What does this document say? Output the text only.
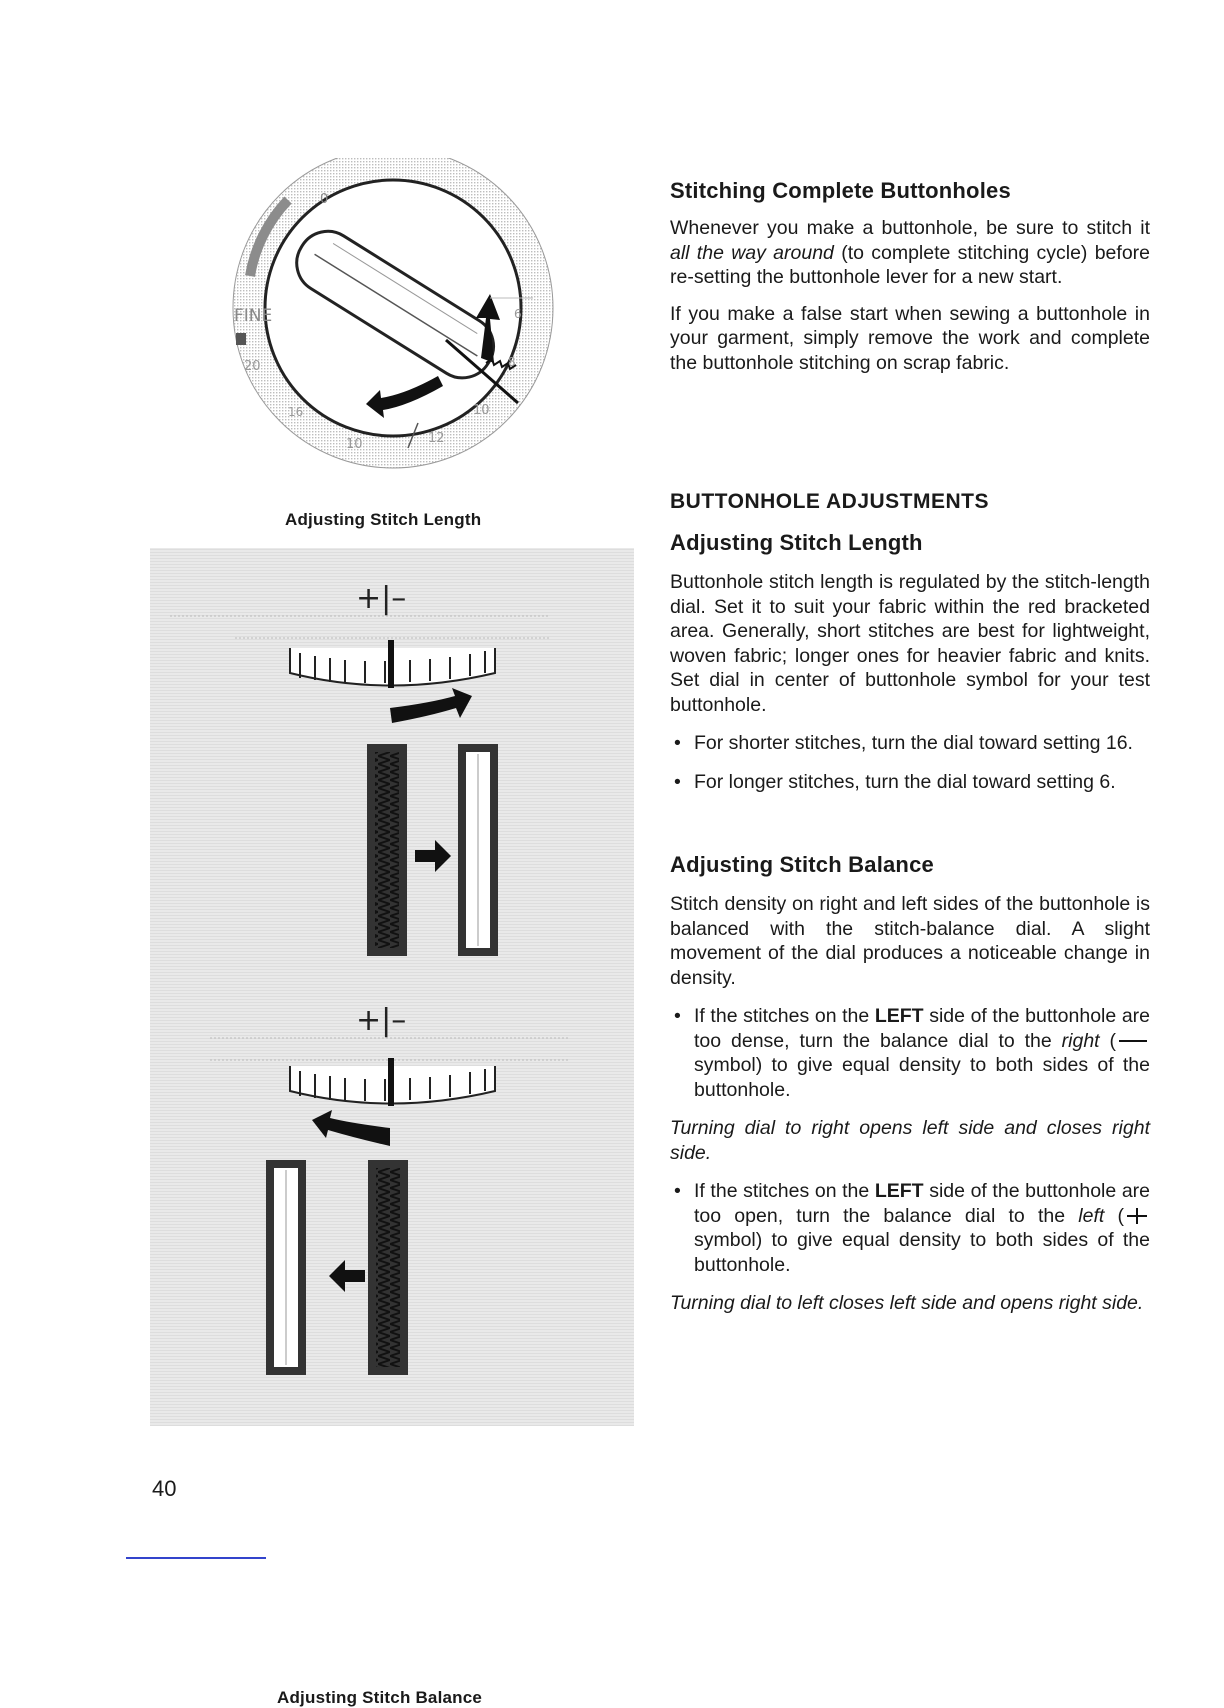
0
FINE
20
16
10	12
10
8
6
Adjusting Stitch Length
+|–
+|–
Adjusting Stitch Balance
Stitching Complete Buttonholes

Whenever you make a buttonhole, be sure to stitch it all the way around (to complete stitching cycle) before re-setting the buttonhole lever for a new start.

If you make a false start when sewing a buttonhole in your garment, simply remove the work and complete the buttonhole stitching on scrap fabric.

BUTTONHOLE ADJUSTMENTS
Adjusting Stitch Length

Buttonhole stitch length is regulated by the stitch-length dial. Set it to suit your fabric within the red bracketed area. Generally, short stitches are best for lightweight, woven fabric; longer ones for heavier fabric and knits. Set dial in center of buttonhole symbol for your test buttonhole.

• For shorter stitches, turn the dial toward setting 16.
• For longer stitches, turn the dial toward setting 6.
Adjusting Stitch Balance

Stitch density on right and left sides of the buttonhole is balanced with the stitch-balance dial. A slight movement of the dial produces a noticeable change in density.

• If the stitches on the LEFT side of the buttonhole are too dense, turn the balance dial to the right ( symbol) to give equal density to both sides of the buttonhole.

Turning dial to right opens left side and closes right side.

• If the stitches on the LEFT side of the buttonhole are too open, turn the balance dial to the left ( symbol) to give equal density to both sides of the buttonhole.

Turning dial to left closes left side and opens right side.

40
